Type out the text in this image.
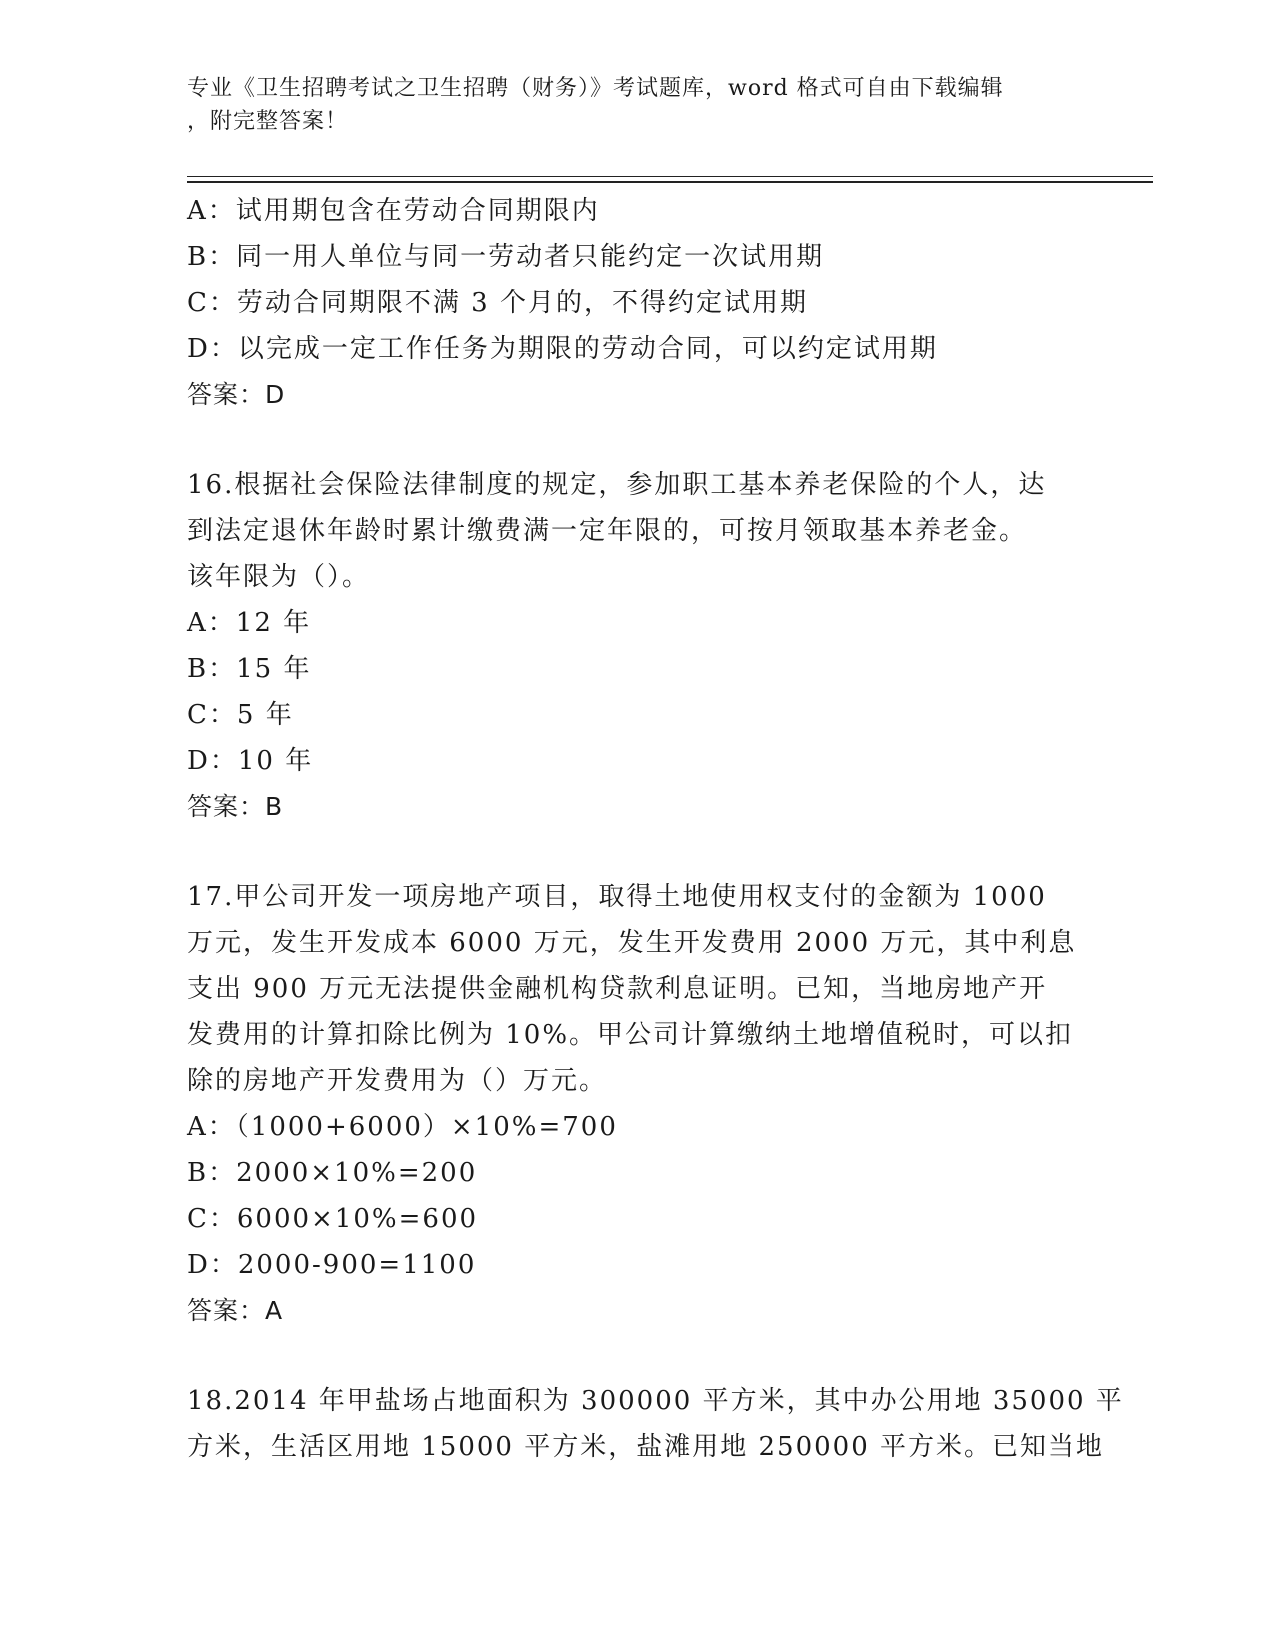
专业《卫生招聘考试之卫生招聘（财务）》考试题库，word 格式可自由下载编辑
，附完整答案！
A：试用期包含在劳动合同期限内
B：同一用人单位与同一劳动者只能约定一次试用期
C：劳动合同期限不满 3 个月的，不得约定试用期
D：以完成一定工作任务为期限的劳动合同，可以约定试用期
答案：D
16.根据社会保险法律制度的规定，参加职工基本养老保险的个人，达
到法定退休年龄时累计缴费满一定年限的，可按月领取基本养老金。
该年限为（）。
A：12 年
B：15 年
C：5 年
D：10 年
答案：B
17.甲公司开发一项房地产项目，取得土地使用权支付的金额为 1000
万元，发生开发成本 6000 万元，发生开发费用 2000 万元，其中利息
支出 900 万元无法提供金融机构贷款利息证明。已知，当地房地产开
发费用的计算扣除比例为 10%。甲公司计算缴纳土地增值税时，可以扣
除的房地产开发费用为（）万元。
A：（1000+6000）×10%=700
B：2000×10%=200
C：6000×10%=600
D：2000-900=1100
答案：A
18.2014 年甲盐场占地面积为 300000 平方米，其中办公用地 35000 平
方米，生活区用地 15000 平方米，盐滩用地 250000 平方米。已知当地
